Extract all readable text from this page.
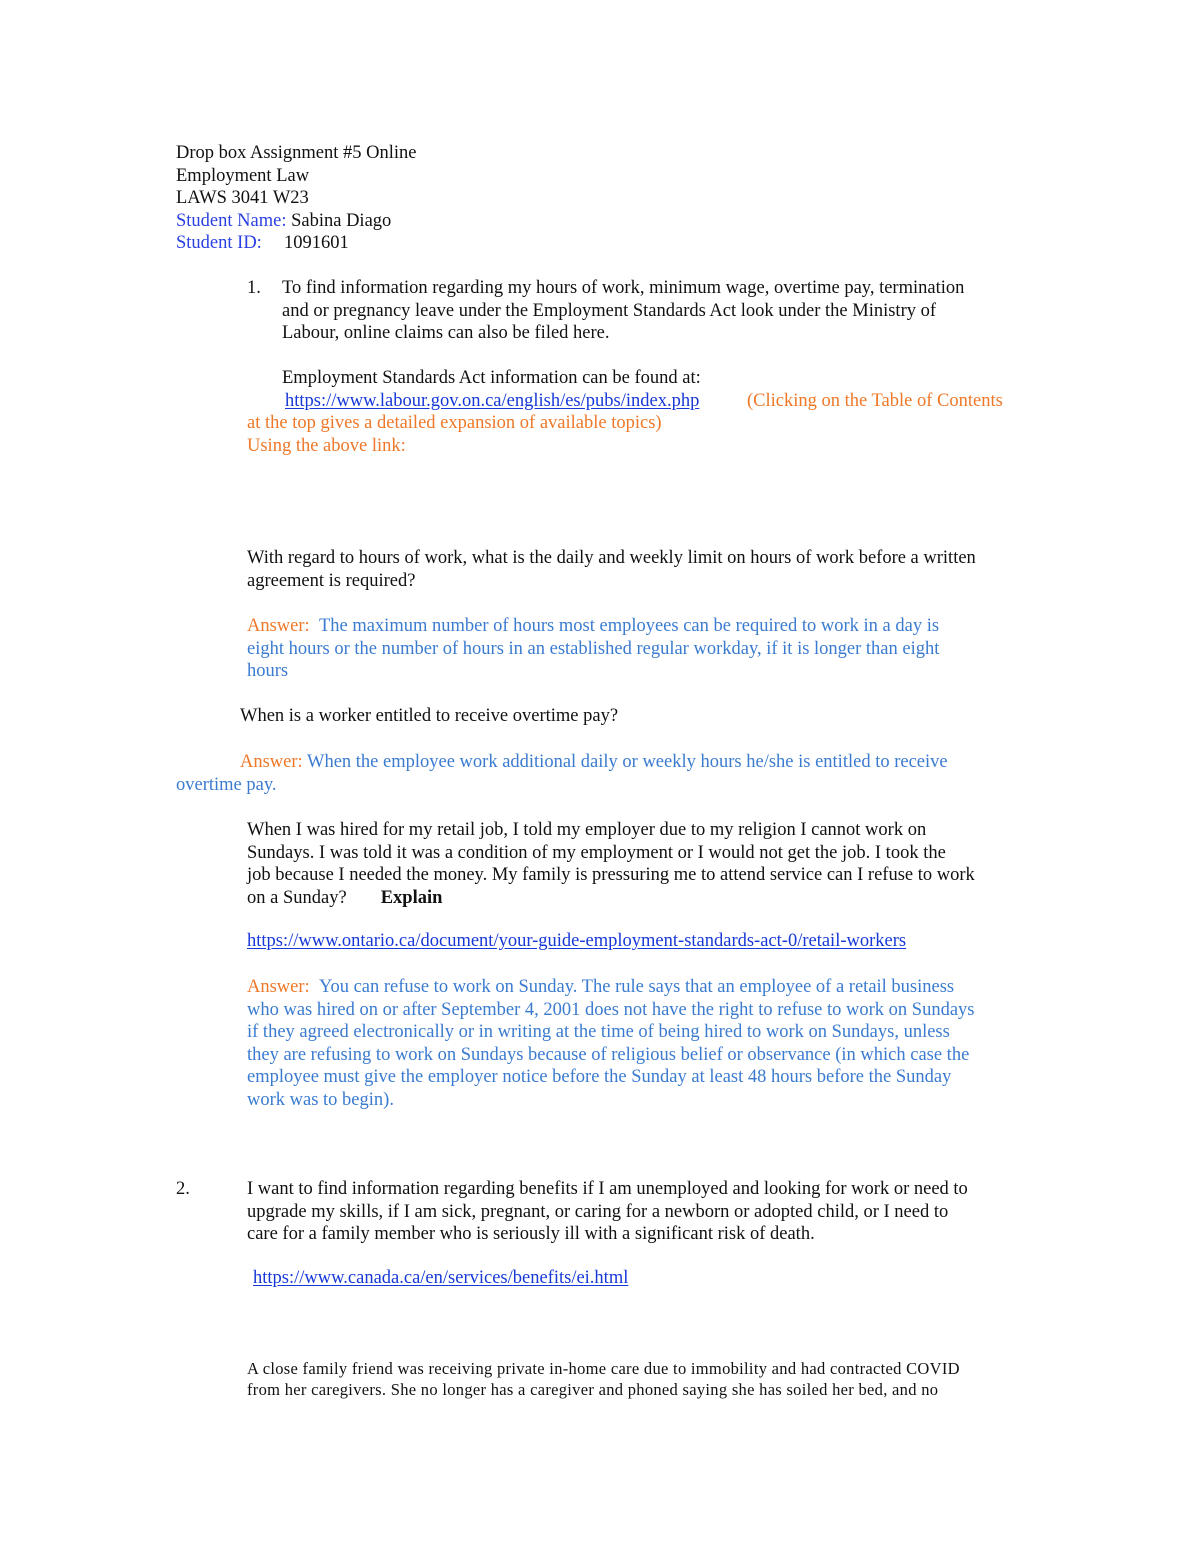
Drop box Assignment #5 Online
Employment Law
LAWS 3041 W23
Student Name: Sabina Diago
Student ID: 1091601
1. To find information regarding my hours of work, minimum wage, overtime pay, termination
and or pregnancy leave under the Employment Standards Act look under the Ministry of
Labour, online claims can also be filed here.
Employment Standards Act information can be found at:
https://www.labour.gov.on.ca/english/es/pubs/index.php	(Clicking on the Table of Contents
at the top gives a detailed expansion of available topics)
Using the above link:
With regard to hours of work, what is the daily and weekly limit on hours of work before a written
agreement is required?
Answer: The maximum number of hours most employees can be required to work in a day is
eight hours or the number of hours in an established regular workday, if it is longer than eight
hours
When is a worker entitled to receive overtime pay?
Answer: When the employee work additional daily or weekly hours he/she is entitled to receive
overtime pay.
When I was hired for my retail job, I told my employer due to my religion I cannot work on
Sundays. I was told it was a condition of my employment or I would not get the job. I took the
job because I needed the money. My family is pressuring me to attend service can I refuse to work
on a Sunday? Explain
https://www.ontario.ca/document/your-guide-employment-standards-act-0/retail-workers
Answer: You can refuse to work on Sunday. The rule says that an employee of a retail business
who was hired on or after September 4, 2001 does not have the right to refuse to work on Sundays
if they agreed electronically or in writing at the time of being hired to work on Sundays, unless
they are refusing to work on Sundays because of religious belief or observance (in which case the
employee must give the employer notice before the Sunday at least 48 hours before the Sunday
work was to begin).
2.	I want to find information regarding benefits if I am unemployed and looking for work or need to
upgrade my skills, if I am sick, pregnant, or caring for a newborn or adopted child, or I need to
care for a family member who is seriously ill with a significant risk of death.
https://www.canada.ca/en/services/benefits/ei.html
A close family friend was receiving private in-home care due to immobility and had contracted COVID
from her caregivers. She no longer has a caregiver and phoned saying she has soiled her bed, and no
